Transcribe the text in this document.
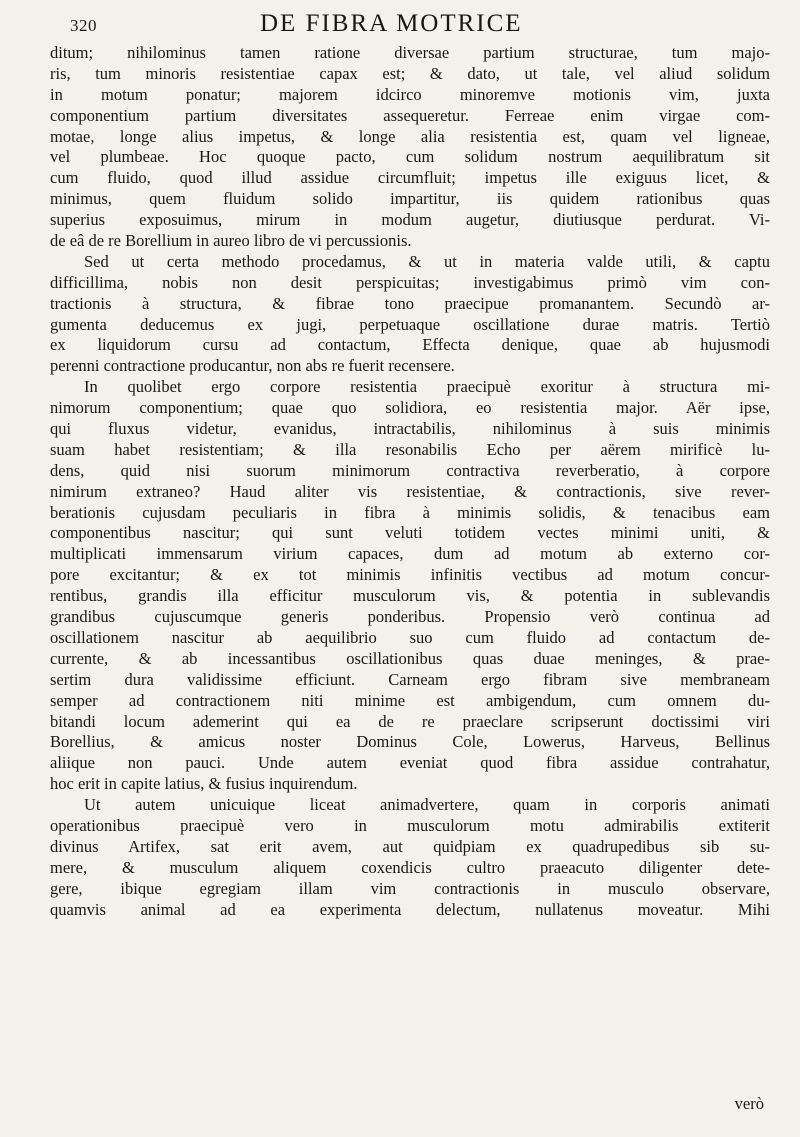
320	DE FIBRA MOTRICE
ditum; nihilominus tamen ratione diversae partium structurae, tum majo-
ris, tum minoris resistentiae capax est; & dato, ut tale, vel aliud solidum
in motum ponatur; majorem idcirco minoremve motionis vim, juxta
componentium partium diversitates assequeretur. Ferreae enim virgae com-
motae, longe alius impetus, & longe alia resistentia est, quam vel ligneae,
vel plumbeae. Hoc quoque pacto, cum solidum nostrum aequilibratum sit
cum fluido, quod illud assidue circumfluit; impetus ille exiguus licet, &
minimus, quem fluidum solido impartitur, iis quidem rationibus quas
superius exposuimus, mirum in modum augetur, diutiusque perdurat. Vi-
de eâ de re Borellium in aureo libro de vi percussionis.
Sed ut certa methodo procedamus, & ut in materia valde utili, & captu
difficillima, nobis non desit perspicuitas; investigabimus primò vim con-
tractionis à structura, & fibrae tono praecipue promanantem. Secundò ar-
gumenta deducemus ex jugi, perpetuaque oscillatione durae matris. Tertiò
ex liquidorum cursu ad contactum, Effecta denique, quae ab hujusmodi
perenni contractione producantur, non abs re fuerit recensere.
In quolibet ergo corpore resistentia praecipuè exoritur à structura mi-
nimorum componentium; quae quo solidiora, eo resistentia major. Aër ipse,
qui fluxus videtur, evanidus, intractabilis, nihilominus à suis minimis
suam habet resistentiam; & illa resonabilis Echo per aërem mirificè lu-
dens, quid nisi suorum minimorum contractiva reverberatio, à corpore
nimirum extraneo? Haud aliter vis resistentiae, & contractionis, sive rever-
berationis cujusdam peculiaris in fibra à minimis solidis, & tenacibus eam
componentibus nascitur; qui sunt veluti totidem vectes minimi uniti, &
multiplicati immensarum virium capaces, dum ad motum ab externo cor-
pore excitantur; & ex tot minimis infinitis vectibus ad motum concur-
rentibus, grandis illa efficitur musculorum vis, & potentia in sublevandis
grandibus cujuscumque generis ponderibus. Propensio verò continua ad
oscillationem nascitur ab aequilibrio suo cum fluido ad contactum de-
currente, & ab incessantibus oscillationibus quas duae meninges, & prae-
sertim dura validissime efficiunt. Carneam ergo fibram sive membraneam
semper ad contractionem niti minime est ambigendum, cum omnem du-
bitandi locum ademerint qui ea de re praeclare scripserunt doctissimi viri
Borellius, & amicus noster Dominus Cole, Lowerus, Harveus, Bellinus
aliique non pauci. Unde autem eveniat quod fibra assidue contrahatur,
hoc erit in capite latius, & fusius inquirendum.
Ut autem unicuique liceat animadvertere, quam in corporis animati
operationibus praecipuè vero in musculorum motu admirabilis extiterit
divinus Artifex, sat erit avem, aut quidpiam ex quadrupedibus sib su-
mere, & musculum aliquem coxendicis cultro praeacuto diligenter dete-
gere, ibique egregiam illam vim contractionis in musculo observare,
quamvis animal ad ea experimenta delectum, nullatenus moveatur. Mihi
verò
